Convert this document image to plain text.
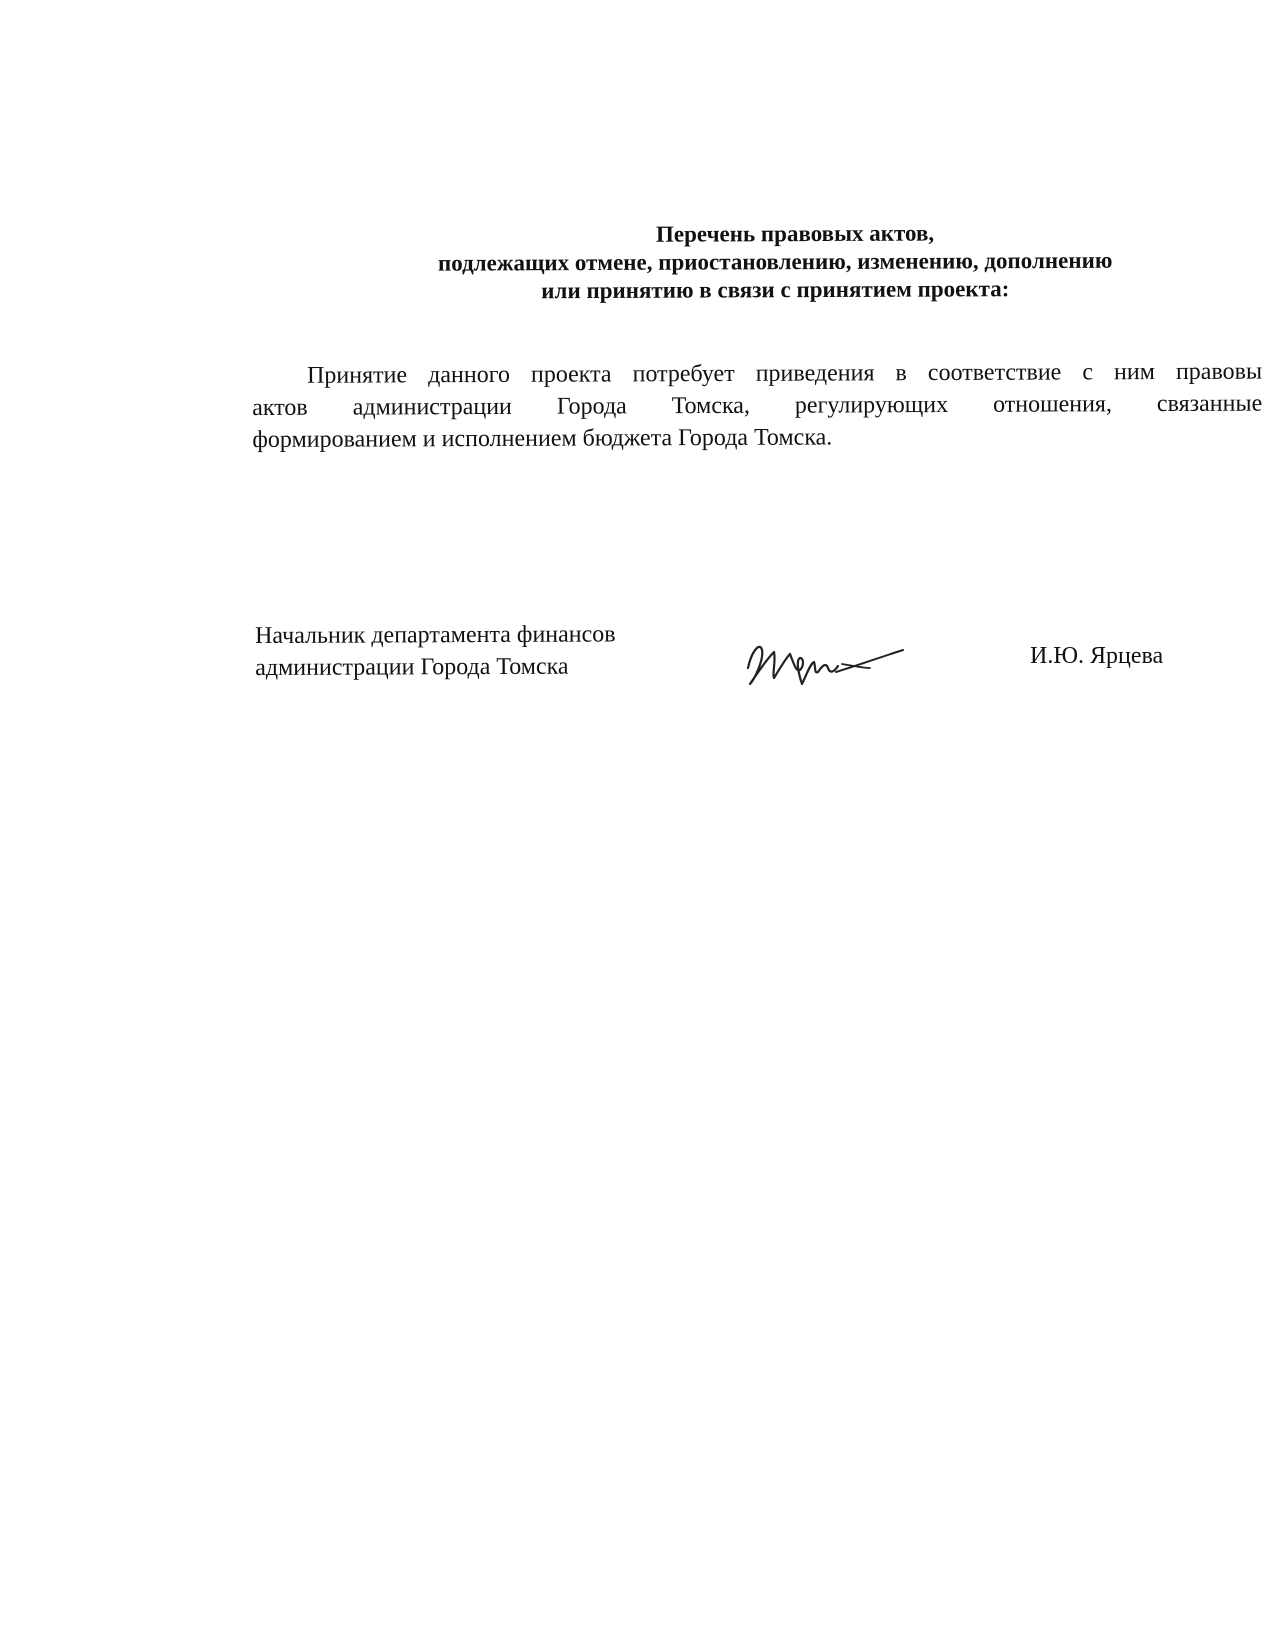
Перечень правовых актов,
подлежащих отмене, приостановлению, изменению, дополнению
или принятию в связи с принятием проекта:
Принятие данного проекта потребует приведения в соответствие с ним правовы
актов администрации Города Томска, регулирующих отношения, связанные
формированием и исполнением бюджета Города Томска.
Начальник департамента финансов
администрации Города Томска	И.Ю. Ярцева
